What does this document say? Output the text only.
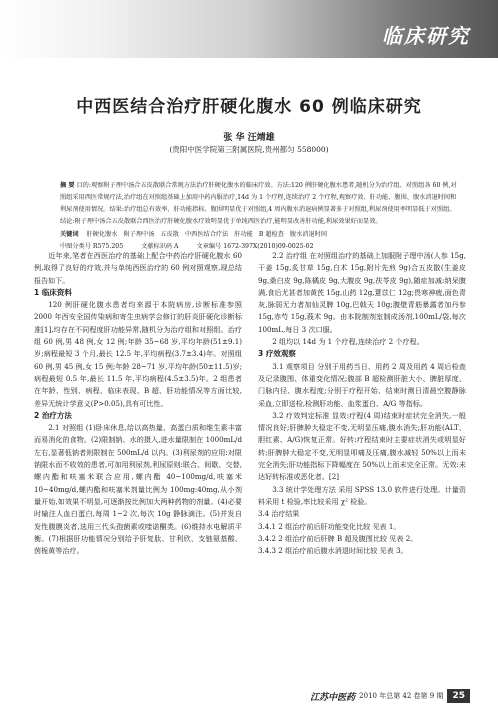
临床研究
中西医结合治疗肝硬化腹水 60 例临床研究
张 华 汪靖雄
(贵阳中医学院第三附属医院,贵州都匀 558000)
摘 要 目的:观察附子理中汤合五皮散联合常规方法治疗肝硬化腹水的临床疗效。方法:120 例肝硬化腹水患者,随机分为治疗组、对照组各 60 例,对照组采用西医常规疗法,治疗组在对照组基础上加用中药内服治疗,14d 为 1 个疗程,连续治疗 2 个疗程,观察疗效、肝功能、腹围、腹水消退时间和利尿剂使用情况。结果:治疗组总有效率、肝功能指标、腹围明显优于对照组,4 周内腹水消退病例显著多于对照组,利尿剂使用率明显低于对照组。结论:附子理中汤合五皮散联合西医治疗肝硬化腹水疗效明显优于单纯西医治疗,能明显改善肝功能,利尿效果好而显效。
关键词 肝硬化腹水 附子理中汤 五皮散 中西医结合疗法 肝功能 B 超检查 腹水消退时间
中图分类号 R575.205	文献标识码 A	文章编号 1672-397X(2010)09-0025-02

近年来,笔者在西医治疗的基础上配合中药治疗肝硬化腹水 60 例,取得了良好的疗效,并与单纯西医治疗的 60 例对照观察,现总结报告如下。

1 临床资料

120 例肝硬化腹水患者均来源于本院病房,诊断标准参照 2000 年西安全国传染病和寄生虫病学会修订的肝炎肝硬化诊断标准[1],均存在不同程度肝功能异常,随机分为治疗组和对照组。治疗组 60 例,男 48 例,女 12 例;年龄 35~68 岁,平均年龄(51±9.1)岁;病程最短 3 个月,最长 12.5 年,平均病程(3.7±3.4)年。对照组 60 例,男 45 例,女 15 例;年龄 28~71 岁,平均年龄(50±11.5)岁;病程最短 0.5 年,最长 11.5 年,平均病程(4.5±3.5)年。2 组患者在年龄、性别、病程、临床表现、B 超、肝功能情况等方面比较,差异无统计学意义(P>0.05),具有可比性。

2 治疗方法

2.1 对照组 (1)卧床休息,给以高热量、高蛋白质和维生素丰富而易消化的食物。(2)限制钠、水的摄入,进水量限制在 1000mL/d 左右,显著低钠者则限制在 500mL/d 以内。(3)利尿剂的应用:对限钠限水而不收效的患者,可加用利尿剂,利尿原则:联合、间歇、交替,螺内酯和呋塞米联合应用,螺内酯 40~100mg/d,呋塞米 10~40mg/d,螺内酯和呋塞米剂量比例为 100mg:40mg,从小剂量开始,如效果不明显,可逐渐按比例加大两种药物的剂量。(4)必要时输注人血白蛋白,每周 1~2 次,每次 10g 静脉滴注。(5)并发自发性腹膜炎者,选用三代头孢菌素或喹诺酮类。(6)维持水电解质平衡。(7)根据肝功能情况分别给予肝复肽、甘利欣、支链氨基酸、茵栀黄等治疗。

2.2 治疗组 在对照组治疗的基础上加服附子理中汤(人参 15g,干姜 15g,炙甘草 15g,白术 15g,附片先煎 9g)合五皮散(生姜皮 9g,桑白皮 9g,陈橘皮 9g,大腹皮 9g,茯苓皮 9g),随症加减:纳呆腹满,食后尤甚者加黄芪 15g,山药 12g,薏苡仁 12g;畏寒神疲,面色青灰,脉弱无力者加仙灵脾 10g,巴戟天 10g;腹壁青筋暴露者加丹参 15g,赤芍 15g,莪术 9g。由本院制剂室制成汤剂,100mL/袋,每次 100mL,每日 3 次口服。

2 组均以 14d 为 1 个疗程,连续治疗 2 个疗程。

3 疗效观察

3.1 观察项目 分别于用药当日、用药 2 周及用药 4 周后检查及记录腹围、体重变化情况;腹部 B 超检测肝脏大小、脾脏厚度、门脉内径、腹水程度;分别于疗程开始、结束时测日清晨空腹静脉采血,立即送检,检测肝功能、血浆蛋白、A/G 等指标。

3.2 疗效判定标准 显效:疗程(4 周)结束时症状完全消失,一般情况良好;肝脾肿大稳定不变,无明显压痛,腹水消失;肝功能(ALT、胆红素、A/G)恢复正常。好转:疗程结束时主要症状消失或明显好转;肝脾肿大稳定不变,无明显叩痛及压痛,腹水减轻 50%以上而未完全消失;肝功能指标下降幅度在 50%以上而未完全正常。无效:未达好转标准或恶化者。[2]

3.3 统计学处理方法 采用 SPSS 13.0 软件进行处理。计量资料采用 t 检验,率比较采用 χ² 检验。

3.4 治疗结果

3.4.1 2 组治疗前后肝功能变化比较 见表 1。

3.4.2 2 组治疗前后肝脾 B 超及腹围比较 见表 2。

3.4.3 2 组治疗前后腹水消退时间比较 见表 3。

江苏中医药 2010 年总第 42 卷第 9 期	25
